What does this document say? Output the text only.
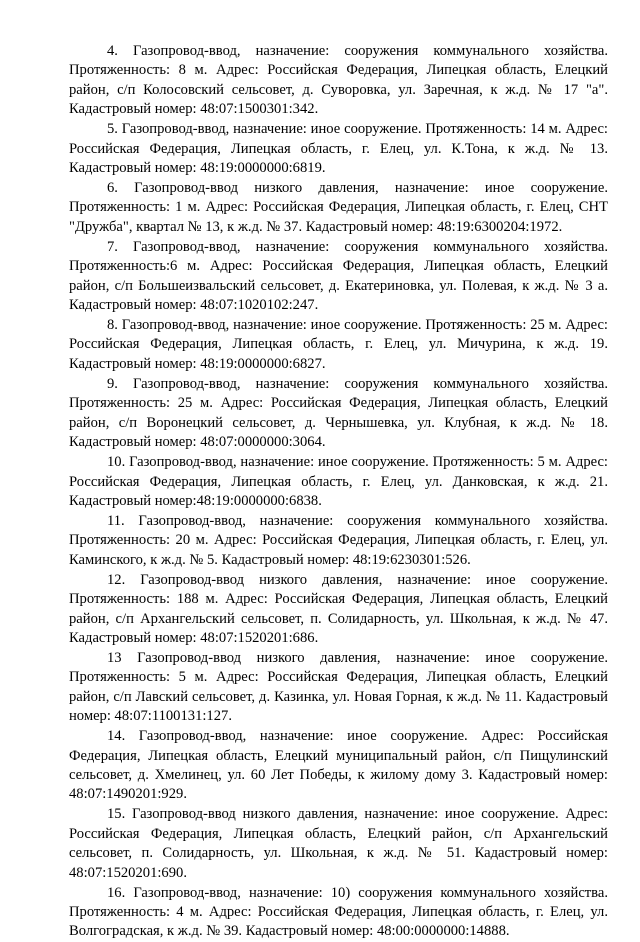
4. Газопровод-ввод, назначение: сооружения коммунального хозяйства. Протяженность: 8 м. Адрес: Российская Федерация, Липецкая область, Елецкий район, с/п Колосовский сельсовет, д. Суворовка, ул. Заречная, к ж.д. № 17 "а". Кадастровый номер: 48:07:1500301:342.

5. Газопровод-ввод, назначение: иное сооружение. Протяженность: 14 м. Адрес: Российская Федерация, Липецкая область, г. Елец, ул. К.Тона, к ж.д. № 13. Кадастровый номер: 48:19:0000000:6819.

6. Газопровод-ввод низкого давления, назначение: иное сооружение. Протяженность: 1 м. Адрес: Российская Федерация, Липецкая область, г. Елец, СНТ "Дружба", квартал № 13, к ж.д. № 37. Кадастровый номер: 48:19:6300204:1972.

7. Газопровод-ввод, назначение: сооружения коммунального хозяйства. Протяженность:6 м. Адрес: Российская Федерация, Липецкая область, Елецкий район, с/п Большеизвальский сельсовет, д. Екатериновка, ул. Полевая, к ж.д. № 3 а. Кадастровый номер: 48:07:1020102:247.

8. Газопровод-ввод, назначение: иное сооружение. Протяженность: 25 м. Адрес: Российская Федерация, Липецкая область, г. Елец, ул. Мичурина, к ж.д. 19. Кадастровый номер: 48:19:0000000:6827.

9. Газопровод-ввод, назначение: сооружения коммунального хозяйства. Протяженность: 25 м. Адрес: Российская Федерация, Липецкая область, Елецкий район, с/п Воронецкий сельсовет, д. Чернышевка, ул. Клубная, к ж.д. № 18. Кадастровый номер: 48:07:0000000:3064.

10. Газопровод-ввод, назначение: иное сооружение. Протяженность: 5 м. Адрес: Российская Федерация, Липецкая область, г. Елец, ул. Данковская, к ж.д. 21. Кадастровый номер:48:19:0000000:6838.

11. Газопровод-ввод, назначение: сооружения коммунального хозяйства. Протяженность: 20 м. Адрес: Российская Федерация, Липецкая область, г. Елец, ул. Каминского, к ж.д. № 5. Кадастровый номер: 48:19:6230301:526.

12. Газопровод-ввод низкого давления, назначение: иное сооружение. Протяженность: 188 м. Адрес: Российская Федерация, Липецкая область, Елецкий район, с/п Архангельский сельсовет, п. Солидарность, ул. Школьная, к ж.д. № 47. Кадастровый номер: 48:07:1520201:686.

13 Газопровод-ввод низкого давления, назначение: иное сооружение. Протяженность: 5 м. Адрес: Российская Федерация, Липецкая область, Елецкий район, с/п Лавский сельсовет, д. Казинка, ул. Новая Горная, к ж.д. № 11. Кадастровый номер: 48:07:1100131:127.

14. Газопровод-ввод, назначение: иное сооружение. Адрес: Российская Федерация, Липецкая область, Елецкий муниципальный район, с/п Пищулинский сельсовет, д. Хмелинец, ул. 60 Лет Победы, к жилому дому 3. Кадастровый номер: 48:07:1490201:929.

15. Газопровод-ввод низкого давления, назначение: иное сооружение. Адрес: Российская Федерация, Липецкая область, Елецкий район, с/п Архангельский сельсовет, п. Солидарность, ул. Школьная, к ж.д. № 51. Кадастровый номер: 48:07:1520201:690.

16. Газопровод-ввод, назначение: 10) сооружения коммунального хозяйства. Протяженность: 4 м. Адрес: Российская Федерация, Липецкая область, г. Елец, ул. Волгоградская, к ж.д. № 39. Кадастровый номер: 48:00:0000000:14888.
